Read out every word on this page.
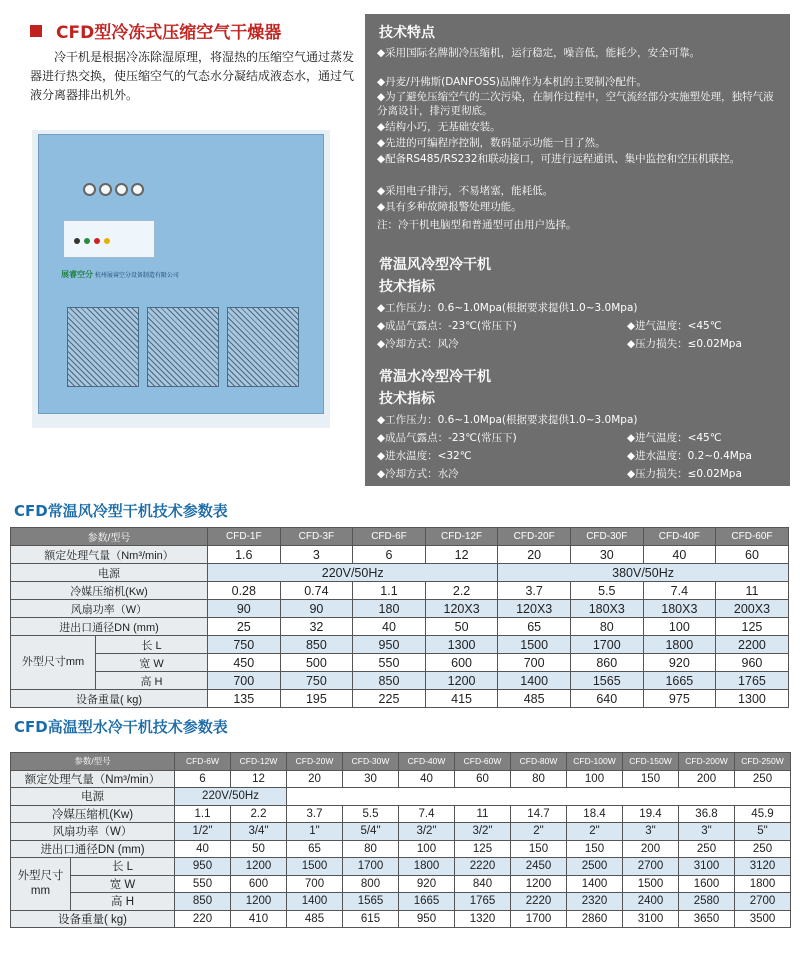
CFD型冷冻式压缩空气干燥器
冷干机是根据冷冻除湿原理，将湿热的压缩空气通过蒸发器进行热交换，使压缩空气的气态水分凝结成液态水，通过气液分离器排出机外。
展睿空分 杭州展睿空分设备制造有限公司
技术特点
◆采用国际名牌制冷压缩机，运行稳定，噪音低，能耗少，安全可靠。
◆丹麦/丹佛斯(DANFOSS)品牌作为本机的主要制冷配件。
◆为了避免压缩空气的二次污染，在制作过程中，空气流经部分实施塑处理，独特气液分离设计，排污更彻底。
◆结构小巧，无基础安装。
◆先进的可编程序控制，数码显示功能一目了然。
◆配备RS485/RS232和联动接口，可进行远程通讯、集中监控和空压机联控。
◆采用电子排污，不易堵塞，能耗低。
◆具有多种故障报警处理功能。
注：冷干机电脑型和普通型可由用户选择。
常温风冷型冷干机
技术指标
◆工作压力：0.6~1.0Mpa(根据要求提供1.0~3.0Mpa)
◆成品气露点：-23℃(常压下)	◆进气温度：<45℃
◆冷却方式：风冷	◆压力损失：≤0.02Mpa
常温水冷型冷干机
技术指标
◆工作压力：0.6~1.0Mpa(根据要求提供1.0~3.0Mpa)
◆成品气露点：-23℃(常压下)	◆进气温度：<45℃
◆进水温度：<32℃	◆进水温度：0.2~0.4Mpa
◆冷却方式：水冷	◆压力损失：≤0.02Mpa
CFD常温风冷型干机技术参数表
参数/型号		CFD-1F	CFD-3F	CFD-6F	CFD-12F	CFD-20F	CFD-30F	CFD-40F	CFD-60F
额定处理气量（Nm³/min）		1.6	3	6	12	20	30	40	60
电源		220V/50Hz				380V/50Hz			
冷媒压缩机(Kw)		0.28	0.74	1.1	2.2	3.7	5.5	7.4	11
风扇功率（W）		90	90	180	120X3	120X3	180X3	180X3	200X3
进出口通径DN (mm)		25	32	40	50	65	80	100	125
外型尺寸mm	长 L	750	850	950	1300	1500	1700	1800	2200
	宽 W	450	500	550	600	700	860	920	960
	高 H	700	750	850	1200	1400	1565	1665	1765
设备重量( kg)		135	195	225	415	485	640	975	1300
CFD高温型水冷干机技术参数表
参数/型号		CFD-6W	CFD-12W	CFD-20W	CFD-30W	CFD-40W	CFD-60W	CFD-80W	CFD-100W	CFD-150W	CFD-200W	CFD-250W
额定处理气量（Nm³/min）		6	12	20	30	40	60	80	100	150	200	250
电源		220V/50Hz										
冷媒压缩机(Kw)		1.1	2.2	3.7	5.5	7.4	11	14.7	18.4	19.4	36.8	45.9
风扇功率（W）		1/2"	3/4"	1"	5/4"	3/2"	3/2"	2"	2"	3"	3"	5"
进出口通径DN (mm)		40	50	65	80	100	125	150	150	200	250	250
外型尺寸mm	长 L	950	1200	1500	1700	1800	2220	2450	2500	2700	3100	3120
	宽 W	550	600	700	800	920	840	1200	1400	1500	1600	1800
	高 H	850	1200	1400	1565	1665	1765	2220	2320	2400	2580	2700
设备重量( kg)		220	410	485	615	950	1320	1700	2860	3100	3650	3500
